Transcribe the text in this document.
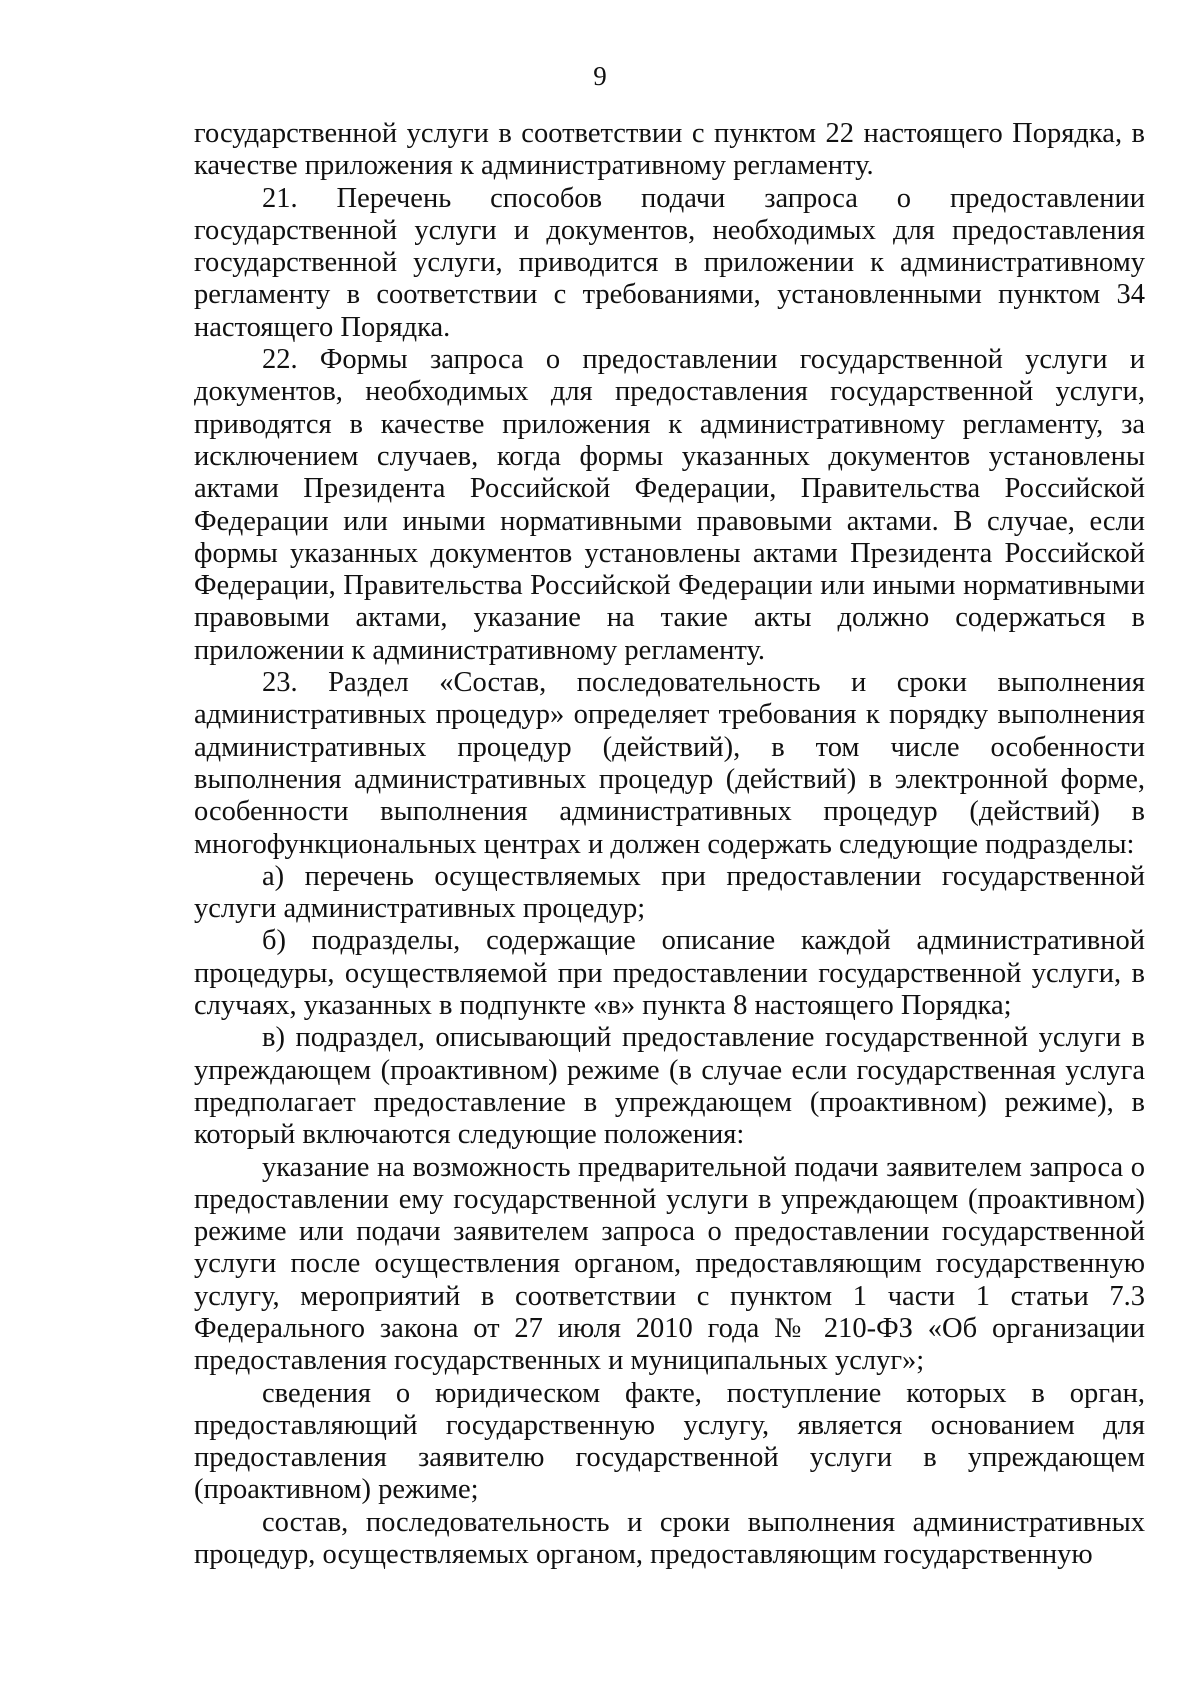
9

государственной услуги в соответствии с пунктом 22 настоящего Порядка, в качестве приложения к административному регламенту.

21. Перечень способов подачи запроса о предоставлении государственной услуги и документов, необходимых для предоставления государственной услуги, приводится в приложении к административному регламенту в соответствии с требованиями, установленными пунктом 34 настоящего Порядка.

22. Формы запроса о предоставлении государственной услуги и документов, необходимых для предоставления государственной услуги, приводятся в качестве приложения к административному регламенту, за исключением случаев, когда формы указанных документов установлены актами Президента Российской Федерации, Правительства Российской Федерации или иными нормативными правовыми актами. В случае, если формы указанных документов установлены актами Президента Российской Федерации, Правительства Российской Федерации или иными нормативными правовыми актами, указание на такие акты должно содержаться в приложении к административному регламенту.

23. Раздел «Состав, последовательность и сроки выполнения административных процедур» определяет требования к порядку выполнения административных процедур (действий), в том числе особенности выполнения административных процедур (действий) в электронной форме, особенности выполнения административных процедур (действий) в многофункциональных центрах и должен содержать следующие подразделы:

а) перечень осуществляемых при предоставлении государственной услуги административных процедур;

б) подразделы, содержащие описание каждой административной процедуры, осуществляемой при предоставлении государственной услуги, в случаях, указанных в подпункте «в» пункта 8 настоящего Порядка;

в) подраздел, описывающий предоставление государственной услуги в упреждающем (проактивном) режиме (в случае если государственная услуга предполагает предоставление в упреждающем (проактивном) режиме), в который включаются следующие положения:

указание на возможность предварительной подачи заявителем запроса о предоставлении ему государственной услуги в упреждающем (проактивном) режиме или подачи заявителем запроса о предоставлении государственной услуги после осуществления органом, предоставляющим государственную услугу, мероприятий в соответствии с пунктом 1 части 1 статьи 7.3 Федерального закона от 27 июля 2010 года № 210-ФЗ «Об организации предоставления государственных и муниципальных услуг»;

сведения о юридическом факте, поступление которых в орган, предоставляющий государственную услугу, является основанием для предоставления заявителю государственной услуги в упреждающем (проактивном) режиме;

состав, последовательность и сроки выполнения административных процедур, осуществляемых органом, предоставляющим государственную
